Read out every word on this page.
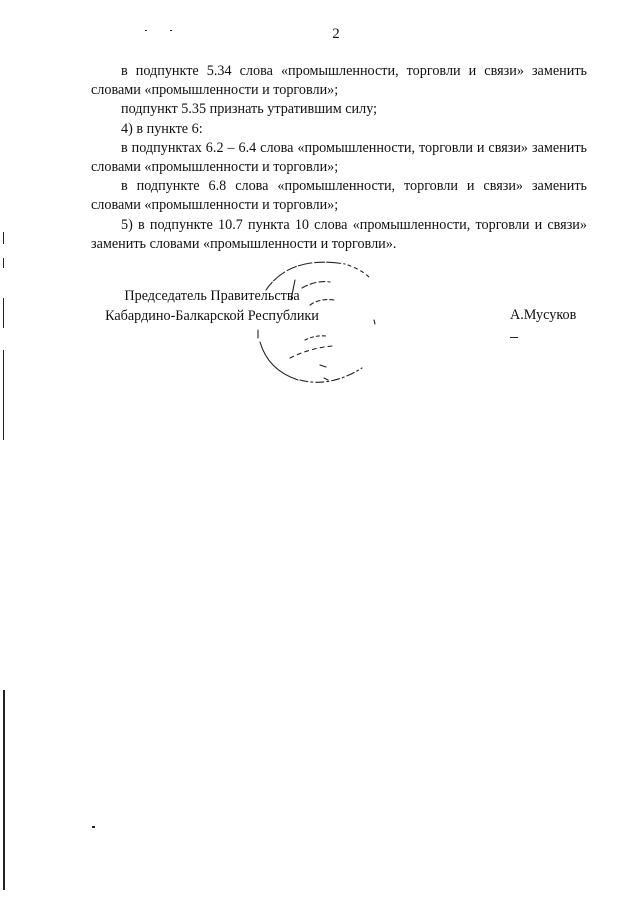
2

в подпункте 5.34 слова «промышленности, торговли и связи» заменить словами «промышленности и торговли»;

подпункт 5.35 признать утратившим силу;

4) в пункте 6:

в подпунктах 6.2 – 6.4 слова «промышленности, торговли и связи» заменить словами «промышленности и торговли»;

в подпункте 6.8 слова «промышленности, торговли и связи» заменить словами «промышленности и торговли»;

5) в подпункте 10.7 пункта 10 слова «промышленности, торговли и связи» заменить словами «промышленности и торговли».

Председатель Правительства
Кабардино-Балкарской Республики	А.Мусуков
